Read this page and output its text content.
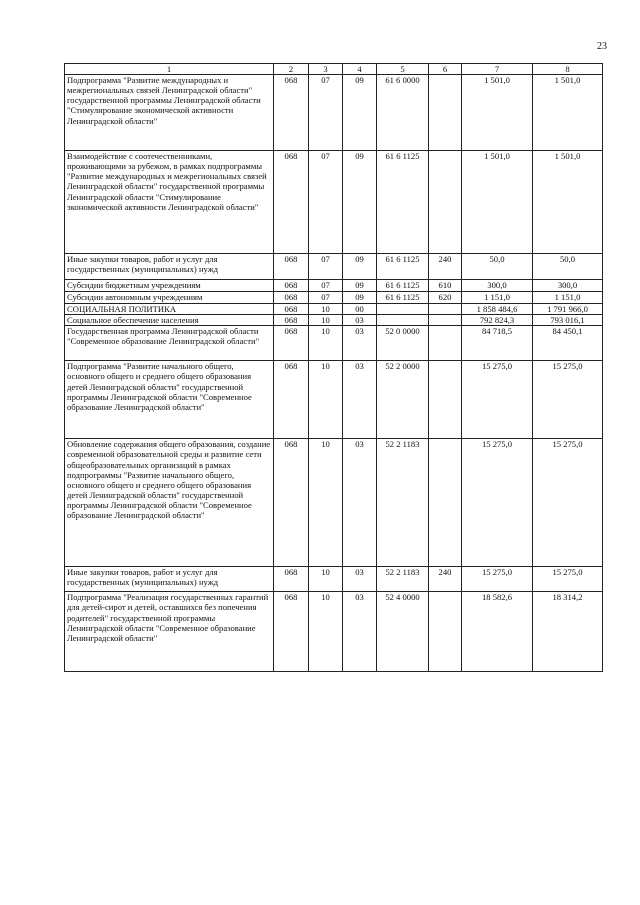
23
1	2	3	4	5	6	7	8
Подпрограмма "Развитие международных и межрегиональных связей Ленинградской области" государственной программы Ленинградской области "Стимулирование экономической активности Ленинградской области"	068	07	09	61 6 0000		1 501,0	1 501,0
Взаимодействие с соотечественниками, проживающими за рубежом, в рамках подпрограммы "Развитие международных и межрегиональных связей Ленинградской области" государственной программы Ленинградской области "Стимулирование экономической активности Ленинградской области"	068	07	09	61 6 1125		1 501,0	1 501,0
Иные закупки товаров, работ и услуг для государственных (муниципальных) нужд	068	07	09	61 6 1125	240	50,0	50,0
Субсидии бюджетным учреждениям	068	07	09	61 6 1125	610	300,0	300,0
Субсидии автономным учреждениям	068	07	09	61 6 1125	620	1 151,0	1 151,0
СОЦИАЛЬНАЯ ПОЛИТИКА	068	10	00			1 858 484,6	1 791 966,0
Социальное обеспечение населения	068	10	03			792 824,3	793 016,1
Государственная программа Ленинградской области "Современное образование Ленинградской области"	068	10	03	52 0 0000		84 718,5	84 450,1
Подпрограмма "Развитие начального общего, основного общего и среднего общего образования детей Ленинградской области" государственной программы Ленинградской области "Современное образование Ленинградской области"	068	10	03	52 2 0000		15 275,0	15 275,0
Обновление содержания общего образования, создание современной образовательной среды и развитие сети общеобразовательных организаций в рамках подпрограммы "Развитие начального общего, основного общего и среднего общего образования детей Ленинградской области" государственной программы Ленинградской области "Современное образование Ленинградской области"	068	10	03	52 2 1183		15 275,0	15 275,0
Иные закупки товаров, работ и услуг для государственных (муниципальных) нужд	068	10	03	52 2 1183	240	15 275,0	15 275,0
Подпрограмма "Реализация государственных гарантий для детей-сирот и детей, оставшихся без попечения родителей" государственной программы Ленинградской области "Современное образование Ленинградской области"	068	10	03	52 4 0000		18 582,6	18 314,2
